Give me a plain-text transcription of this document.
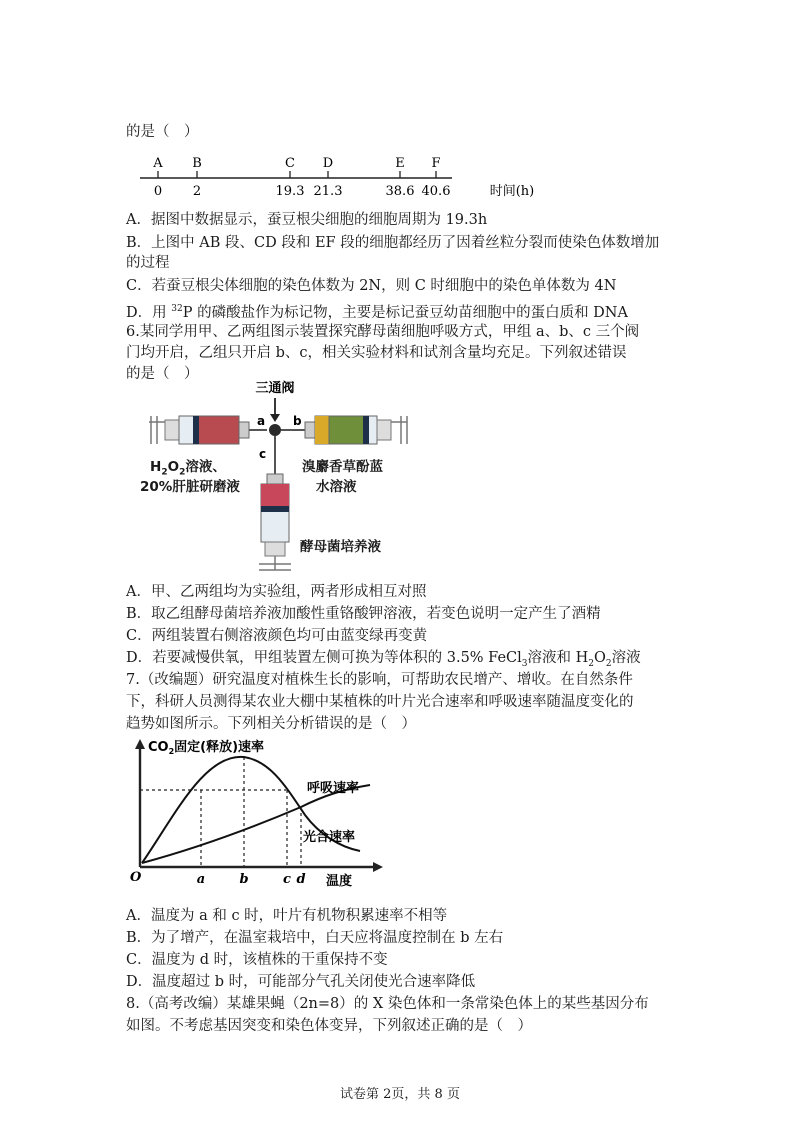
的是（　）
A
0
B
2
C
19.3
D
21.3
E
38.6
F
40.6	时间(h)
A．据图中数据显示，蚕豆根尖细胞的细胞周期为 19.3h
B．上图中 AB 段、CD 段和 EF 段的细胞都经历了因着丝粒分裂而使染色体数增加
的过程
C．若蚕豆根尖体细胞的染色体数为 2N，则 C 时细胞中的染色单体数为 4N
D．用 $^{32}$P 的磷酸盐作为标记物，主要是标记蚕豆幼苗细胞中的蛋白质和 DNA
6.某同学用甲、乙两组图示装置探究酵母菌细胞呼吸方式，甲组 a、b、c 三个阀
门均开启，乙组只开启 b、c，相关实验材料和试剂含量均充足。下列叙述错误
的是（　）
三通阀
a b
c
$H_2O_2$溶液、
20%肝脏研磨液
溴麝香草酚蓝
水溶液
酵母菌培养液
A．甲、乙两组均为实验组，两者形成相互对照
B．取乙组酵母菌培养液加酸性重铬酸钾溶液，若变色说明一定产生了酒精
C．两组装置右侧溶液颜色均可由蓝变绿再变黄
D．若要减慢供氧，甲组装置左侧可换为等体积的 3.5% FeCl$_3$溶液和 $H_2O_2$溶液
7.（改编题）研究温度对植株生长的影响，可帮助农民增产、增收。在自然条件
下，科研人员测得某农业大棚中某植株的叶片光合速率和呼吸速率随温度变化的
趋势如图所示。下列相关分析错误的是（　）
$CO_2$固定(释放)速率
温度
O
呼吸速率
光合速率
a	b	c d
A．温度为 a 和 c 时，叶片有机物积累速率不相等
B．为了增产，在温室栽培中，白天应将温度控制在 b 左右
C．温度为 d 时，该植株的干重保持不变
D．温度超过 b 时，可能部分气孔关闭使光合速率降低
8.（高考改编）某雄果蝇（2n=8）的 X 染色体和一条常染色体上的某些基因分布
如图。不考虑基因突变和染色体变异，下列叙述正确的是（　）
试卷第 2页，共 8 页
